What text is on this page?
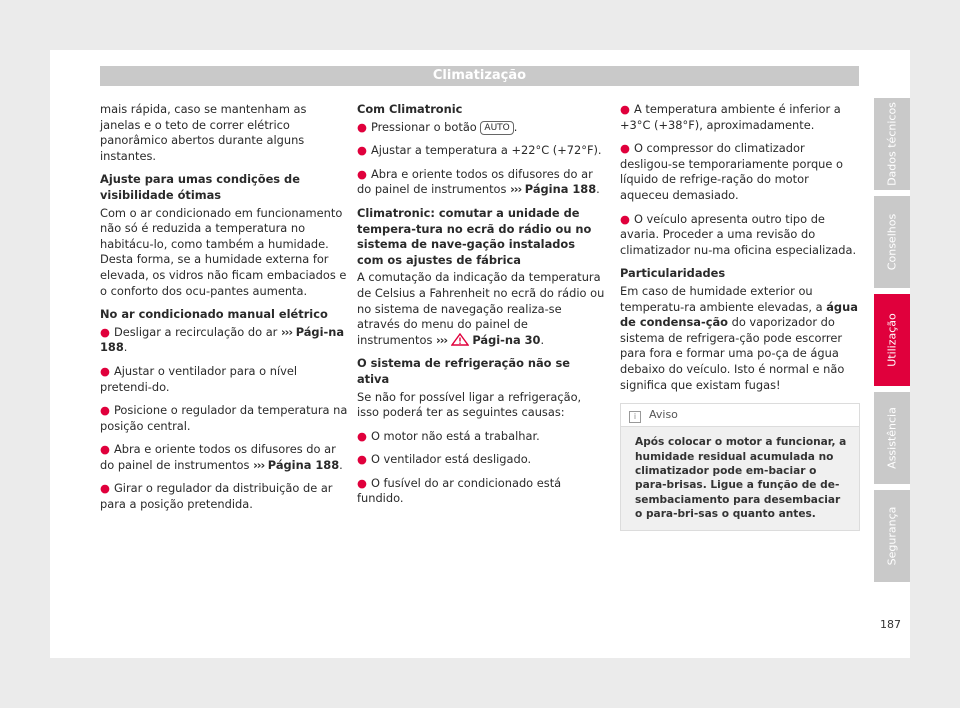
Climatização

mais rápida, caso se mantenham as janelas e o teto de correr elétrico panorâmico abertos durante alguns instantes.

Ajuste para umas condições de visibilidade ótimas

Com o ar condicionado em funcionamento não só é reduzida a temperatura no habitácu-lo, como também a humidade. Desta forma, se a humidade externa for elevada, os vidros não ficam embaciados e o conforto dos ocu-pantes aumenta.

No ar condicionado manual elétrico

● Desligar a recirculação do ar ››› Pági-na 188.

● Ajustar o ventilador para o nível pretendi-do.

● Posicione o regulador da temperatura na posição central.

● Abra e oriente todos os difusores do ar do painel de instrumentos ››› Página 188.

● Girar o regulador da distribuição de ar para a posição pretendida.

Com Climatronic

● Pressionar o botão AUTO .

● Ajustar a temperatura a +22°C (+72°F).

● Abra e oriente todos os difusores do ar do painel de instrumentos ››› Página 188.

Climatronic: comutar a unidade de tempera-tura no ecrã do rádio ou no sistema de nave-gação instalados com os ajustes de fábrica

A comutação da indicação da temperatura de Celsius a Fahrenheit no ecrã do rádio ou no sistema de navegação realiza-se através do menu do painel de instrumentos ››› Pági-na 30.

O sistema de refrigeração não se ativa

Se não for possível ligar a refrigeração, isso poderá ter as seguintes causas:

● O motor não está a trabalhar.

● O ventilador está desligado.

● O fusível do ar condicionado está fundido.

● A temperatura ambiente é inferior a +3°C (+38°F), aproximadamente.

● O compressor do climatizador desligou-se temporariamente porque o líquido de refrige-ração do motor aqueceu demasiado.

● O veículo apresenta outro tipo de avaria. Proceder a uma revisão do climatizador nu-ma oficina especializada.

Particularidades

Em caso de humidade exterior ou temperatu-ra ambiente elevadas, a água de condensa-ção do vaporizador do sistema de refrigera-ção pode escorrer para fora e formar uma po-ça de água debaixo do veículo. Isto é normal e não significa que existam fugas!

i Aviso
Após colocar o motor a funcionar, a humidade residual acumulada no climatizador pode em-baciar o para-brisas. Ligue a função de de-sembaciamento para desembaciar o para-bri-sas o quanto antes.
Dados técnicos
Conselhos
Utilização
Assistência
Segurança
187
